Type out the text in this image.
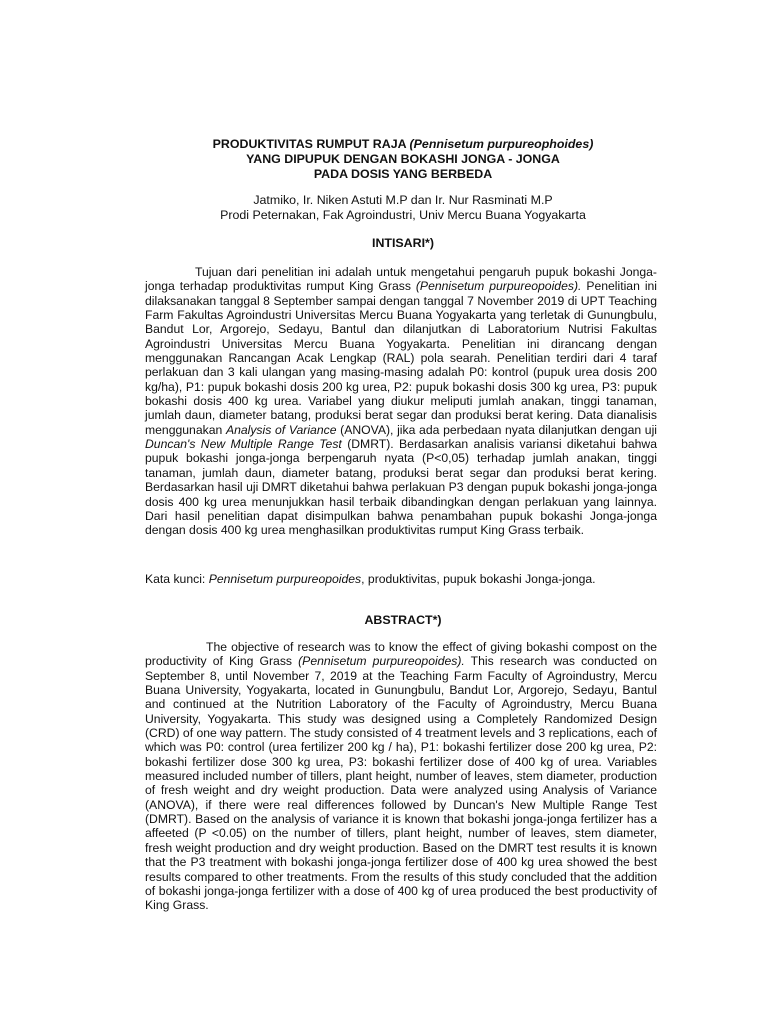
PRODUKTIVITAS RUMPUT RAJA (Pennisetum purpureophoides)
YANG DIPUPUK DENGAN BOKASHI JONGA - JONGA
PADA DOSIS YANG BERBEDA
Jatmiko, Ir. Niken Astuti M.P dan Ir. Nur Rasminati M.P
Prodi Peternakan, Fak Agroindustri, Univ Mercu Buana Yogyakarta
INTISARI*)
Tujuan dari penelitian ini adalah untuk mengetahui pengaruh pupuk bokashi Jonga-jonga terhadap produktivitas rumput King Grass (Pennisetum purpureopoides). Penelitian ini dilaksanakan tanggal 8 September sampai dengan tanggal 7 November 2019 di UPT Teaching Farm Fakultas Agroindustri Universitas Mercu Buana Yogyakarta yang terletak di Gunungbulu, Bandut Lor, Argorejo, Sedayu, Bantul dan dilanjutkan di Laboratorium Nutrisi Fakultas Agroindustri Universitas Mercu Buana Yogyakarta. Penelitian ini dirancang dengan menggunakan Rancangan Acak Lengkap (RAL) pola searah. Penelitian terdiri dari 4 taraf perlakuan dan 3 kali ulangan yang masing-masing adalah P0: kontrol (pupuk urea dosis 200 kg/ha), P1: pupuk bokashi dosis 200 kg urea, P2: pupuk bokashi dosis 300 kg urea, P3: pupuk bokashi dosis 400 kg urea. Variabel yang diukur meliputi jumlah anakan, tinggi tanaman, jumlah daun, diameter batang, produksi berat segar dan produksi berat kering. Data dianalisis menggunakan Analysis of Variance (ANOVA), jika ada perbedaan nyata dilanjutkan dengan uji Duncan's New Multiple Range Test (DMRT). Berdasarkan analisis variansi diketahui bahwa pupuk bokashi jonga-jonga berpengaruh nyata (P<0,05) terhadap jumlah anakan, tinggi tanaman, jumlah daun, diameter batang, produksi berat segar dan produksi berat kering. Berdasarkan hasil uji DMRT diketahui bahwa perlakuan P3 dengan pupuk bokashi jonga-jonga dosis 400 kg urea menunjukkan hasil terbaik dibandingkan dengan perlakuan yang lainnya. Dari hasil penelitian dapat disimpulkan bahwa penambahan pupuk bokashi Jonga-jonga dengan dosis 400 kg urea menghasilkan produktivitas rumput King Grass terbaik.
Kata kunci: Pennisetum purpureopoides, produktivitas, pupuk bokashi Jonga-jonga.
ABSTRACT*)
The objective of research was to know the effect of giving bokashi compost on the productivity of King Grass (Pennisetum purpureopoides). This research was conducted on September 8, until November 7, 2019 at the Teaching Farm Faculty of Agroindustry, Mercu Buana University, Yogyakarta, located in Gunungbulu, Bandut Lor, Argorejo, Sedayu, Bantul and continued at the Nutrition Laboratory of the Faculty of Agroindustry, Mercu Buana University, Yogyakarta. This study was designed using a Completely Randomized Design (CRD) of one way pattern. The study consisted of 4 treatment levels and 3 replications, each of which was P0: control (urea fertilizer 200 kg / ha), P1: bokashi fertilizer dose 200 kg urea, P2: bokashi fertilizer dose 300 kg urea, P3: bokashi fertilizer dose of 400 kg of urea. Variables measured included number of tillers, plant height, number of leaves, stem diameter, production of fresh weight and dry weight production. Data were analyzed using Analysis of Variance (ANOVA), if there were real differences followed by Duncan's New Multiple Range Test (DMRT). Based on the analysis of variance it is known that bokashi jonga-jonga fertilizer has a affeeted (P <0.05) on the number of tillers, plant height, number of leaves, stem diameter, fresh weight production and dry weight production. Based on the DMRT test results it is known that the P3 treatment with bokashi jonga-jonga fertilizer dose of 400 kg urea showed the best results compared to other treatments. From the results of this study concluded that the addition of bokashi jonga-jonga fertilizer with a dose of 400 kg of urea produced the best productivity of King Grass.
